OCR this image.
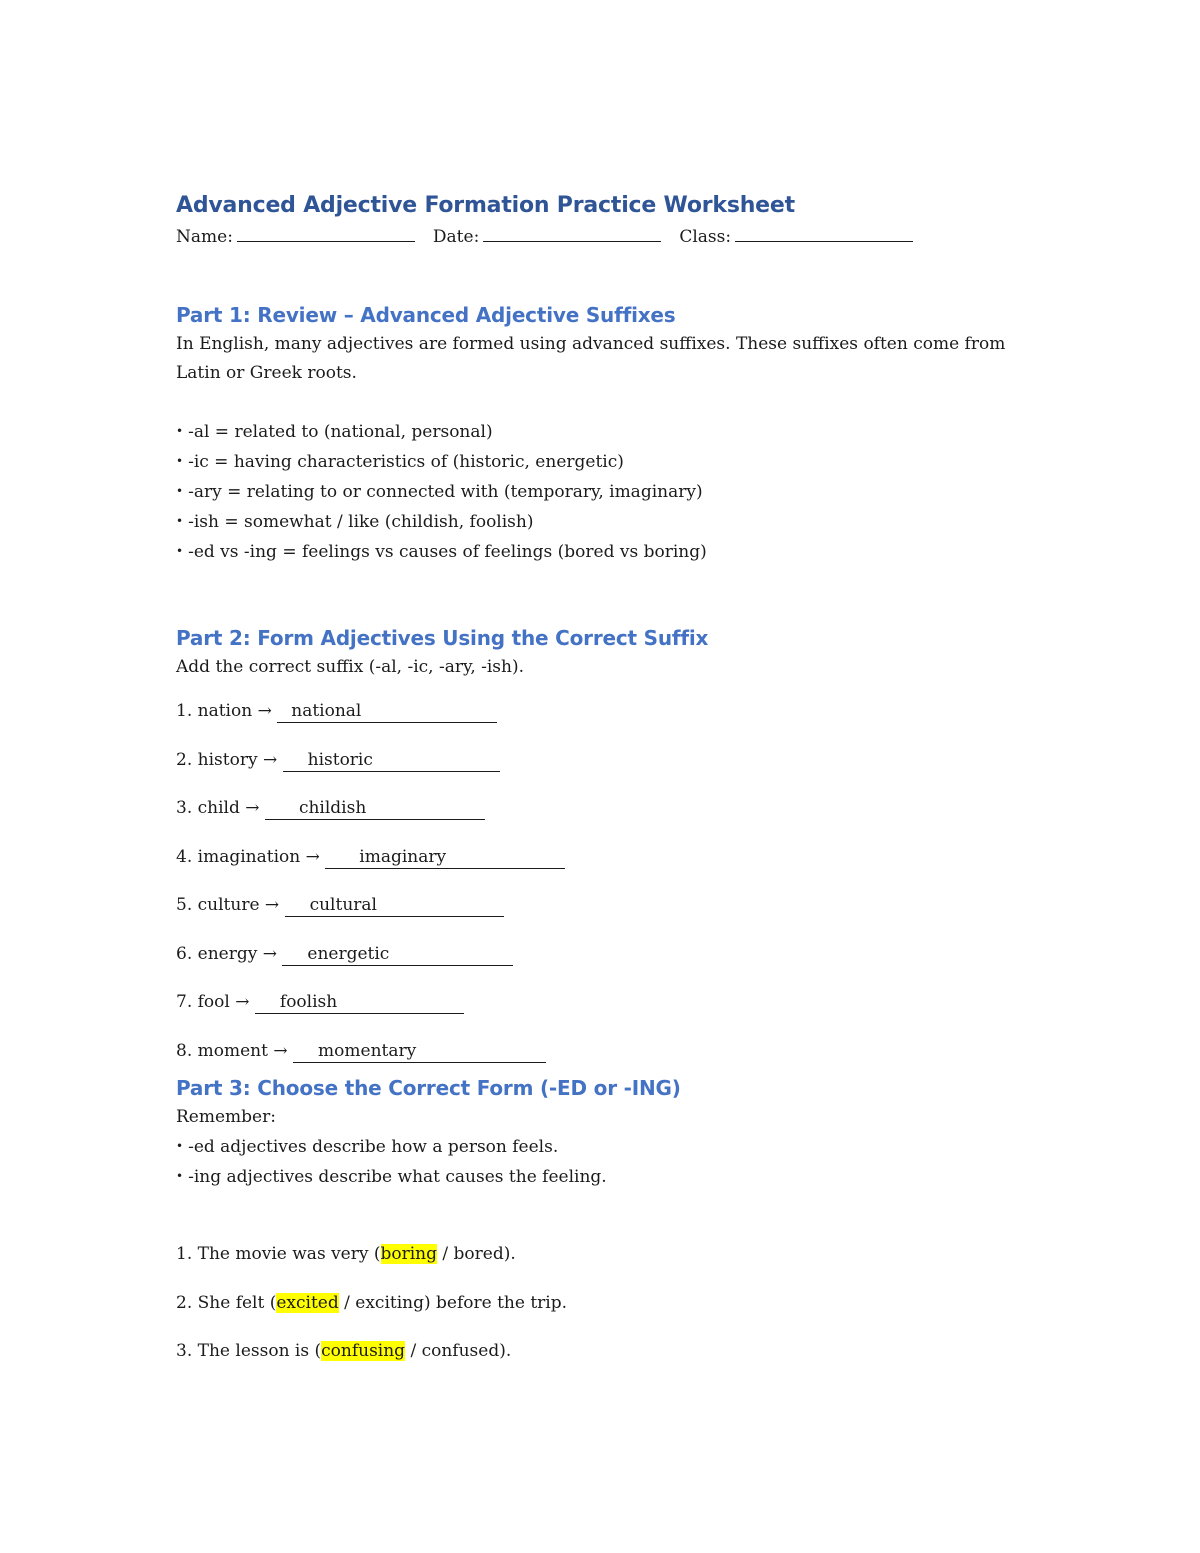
Advanced Adjective Formation Practice Worksheet
Name:	Date:	Class:
Part 1: Review – Advanced Adjective Suffixes

In English, many adjectives are formed using advanced suffixes. These suffixes often come from Latin or Greek roots.

• -al = related to (national, personal)
• -ic = having characteristics of (historic, energetic)
• -ary = relating to or connected with (temporary, imaginary)
• -ish = somewhat / like (childish, foolish)
• -ed vs -ing = feelings vs causes of feelings (bored vs boring)
Part 2: Form Adjectives Using the Correct Suffix

Add the correct suffix (-al, -ic, -ary, -ish).

1. nation → national
2. history → historic
3. child → childish
4. imagination → imaginary
5. culture → cultural
6. energy → energetic
7. fool → foolish
8. moment → momentary
Part 3: Choose the Correct Form (-ED or -ING)

Remember:

• -ed adjectives describe how a person feels.
• -ing adjectives describe what causes the feeling.
1. The movie was very (boring / bored).
2. She felt (excited / exciting) before the trip.
3. The lesson is (confusing / confused).
